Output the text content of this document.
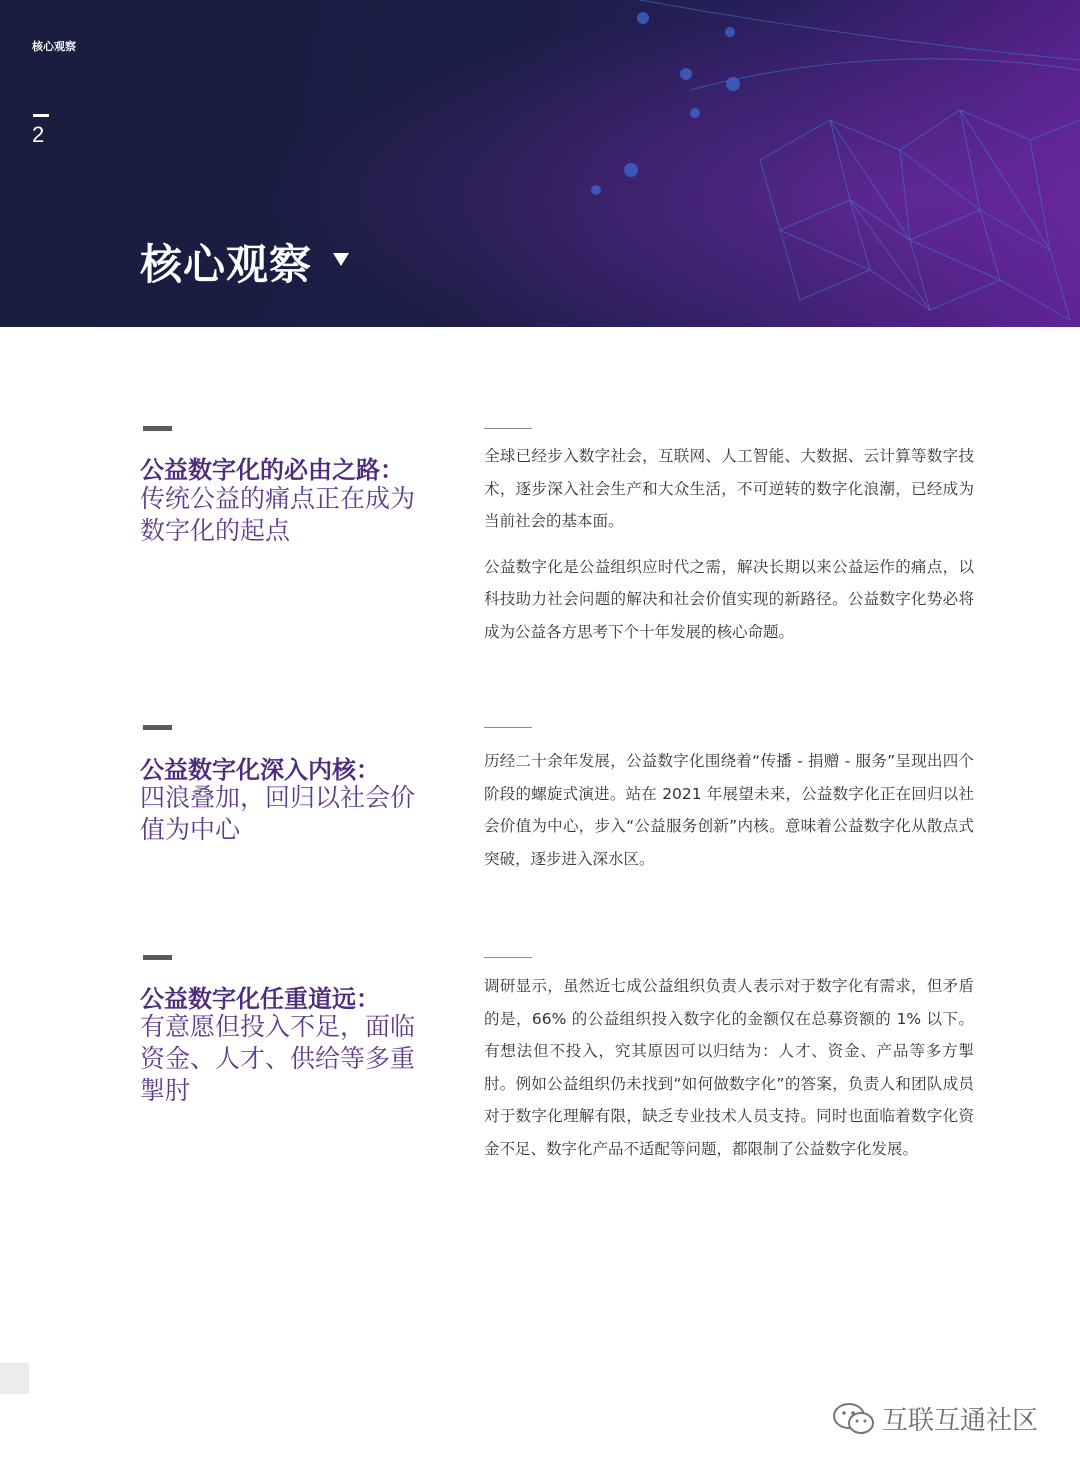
核心观察
2
核心观察
公益数字化的必由之路：
传统公益的痛点正在成为数字化的起点

全球已经步入数字社会，互联网、人工智能、大数据、云计算等数字技术，逐步深入社会生产和大众生活，不可逆转的数字化浪潮，已经成为当前社会的基本面。

公益数字化是公益组织应时代之需，解决长期以来公益运作的痛点，以科技助力社会问题的解决和社会价值实现的新路径。公益数字化势必将成为公益各方思考下个十年发展的核心命题。

公益数字化深入内核：
四浪叠加，回归以社会价值为中心

历经二十余年发展，公益数字化围绕着“传播 - 捐赠 - 服务”呈现出四个阶段的螺旋式演进。站在 2021 年展望未来，公益数字化正在回归以社会价值为中心，步入“公益服务创新”内核。意味着公益数字化从散点式突破，逐步进入深水区。

公益数字化任重道远：
有意愿但投入不足，面临资金、人才、供给等多重掣肘

调研显示，虽然近七成公益组织负责人表示对于数字化有需求，但矛盾的是，66% 的公益组织投入数字化的金额仅在总募资额的 1% 以下。有想法但不投入，究其原因可以归结为：人才、资金、产品等多方掣肘。例如公益组织仍未找到“如何做数字化”的答案，负责人和团队成员对于数字化理解有限，缺乏专业技术人员支持。同时也面临着数字化资金不足、数字化产品不适配等问题，都限制了公益数字化发展。

互联互通社区
